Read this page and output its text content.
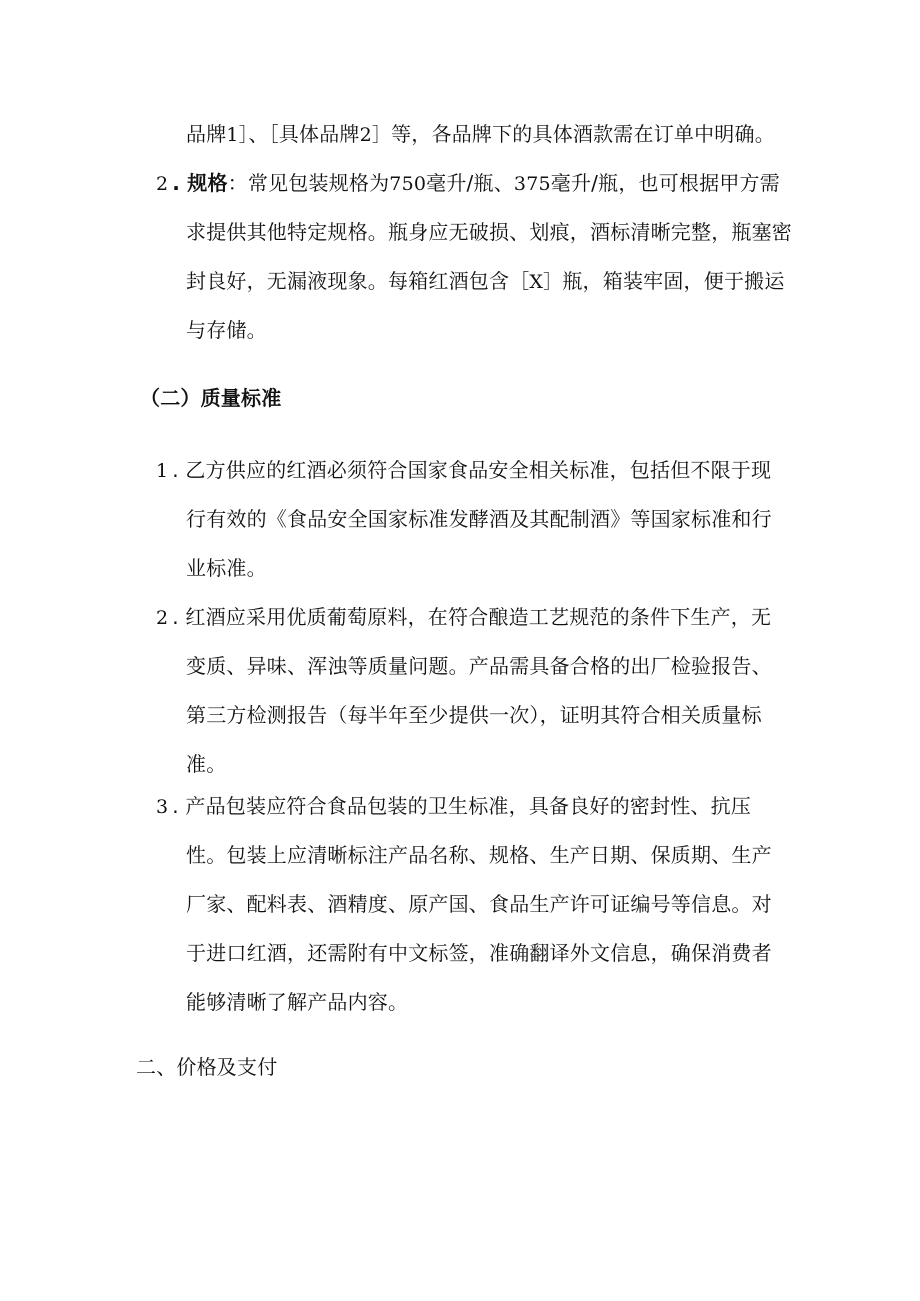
品牌1］、［具体品牌2］等，各品牌下的具体酒款需在订单中明确。
2 . 规格：常见包装规格为750毫升/瓶、375毫升/瓶，也可根据甲方需
求提供其他特定规格。瓶身应无破损、划痕，酒标清晰完整，瓶塞密
封良好，无漏液现象。每箱红酒包含［X］瓶，箱装牢固，便于搬运
与存储。
（二）质量标准
1 . 乙方供应的红酒必须符合国家食品安全相关标准，包括但不限于现
行有效的《食品安全国家标准发酵酒及其配制酒》等国家标准和行
业标准。
2 . 红酒应采用优质葡萄原料，在符合酿造工艺规范的条件下生产，无
变质、异味、浑浊等质量问题。产品需具备合格的出厂检验报告、
第三方检测报告（每半年至少提供一次），证明其符合相关质量标
准。
3 . 产品包装应符合食品包装的卫生标准，具备良好的密封性、抗压
性。包装上应清晰标注产品名称、规格、生产日期、保质期、生产
厂家、配料表、酒精度、原产国、食品生产许可证编号等信息。对
于进口红酒，还需附有中文标签，准确翻译外文信息，确保消费者
能够清晰了解产品内容。
二、价格及支付
